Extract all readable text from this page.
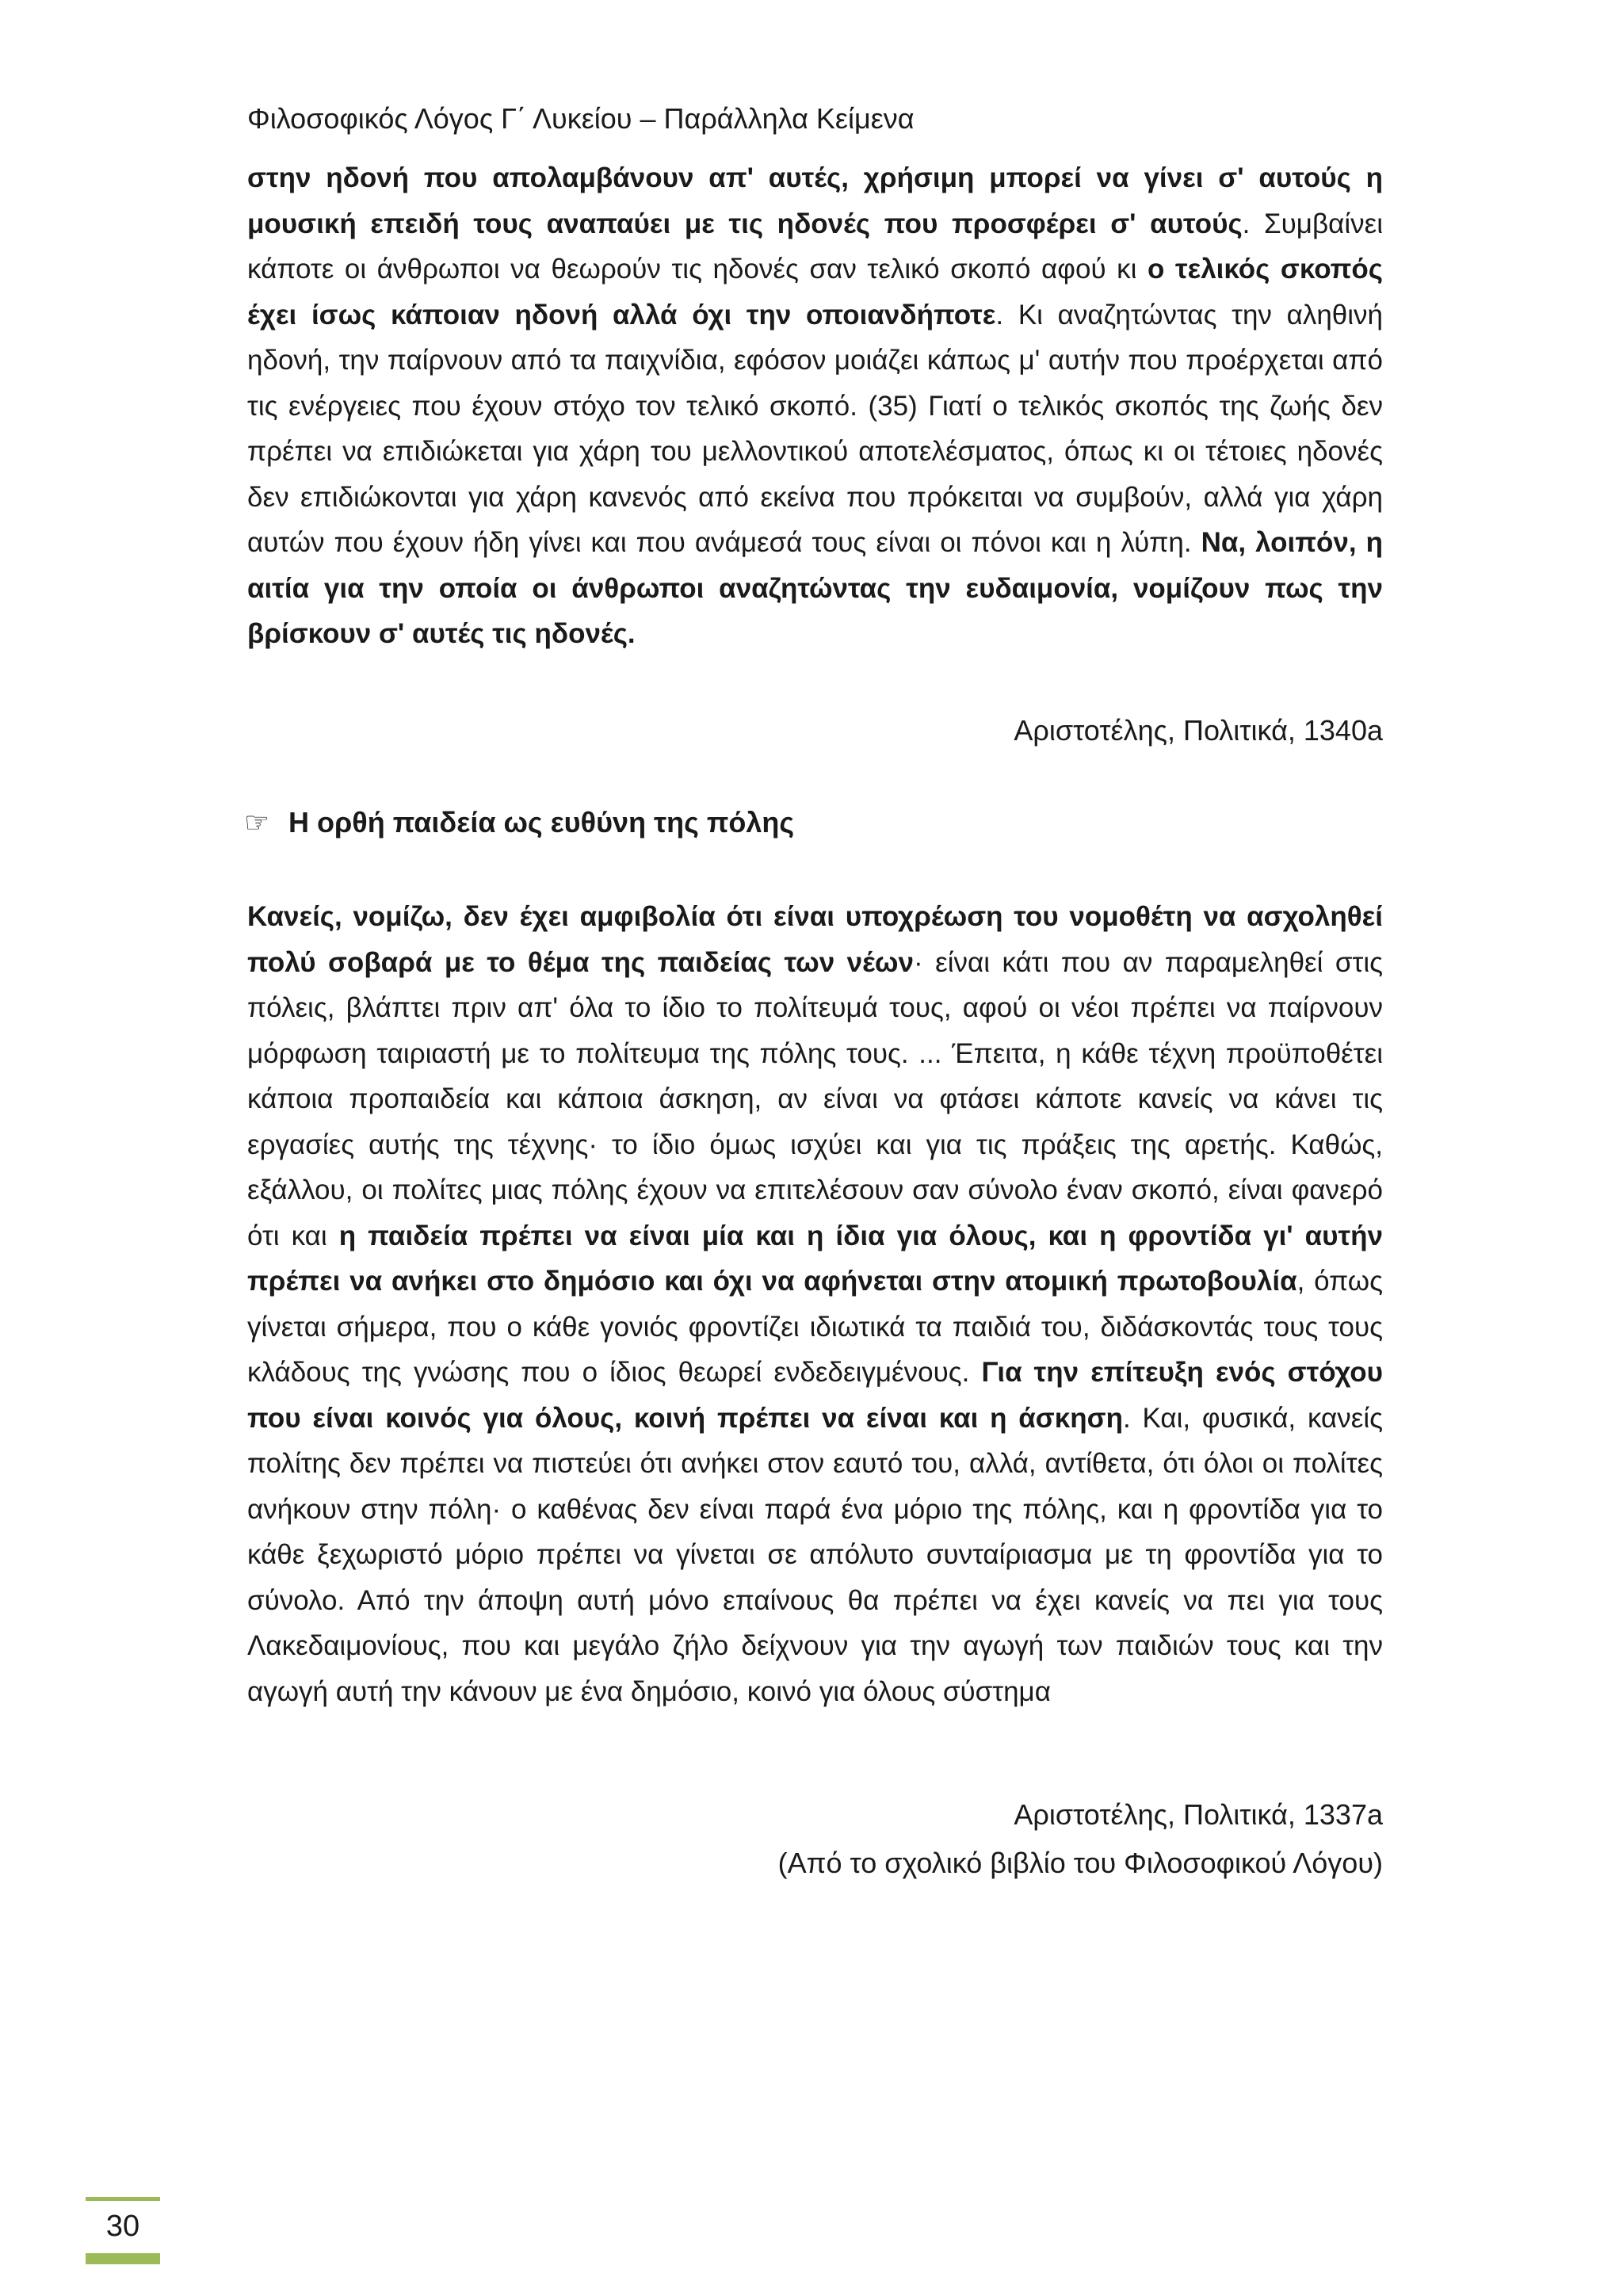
Φιλοσοφικός Λόγος Γ΄ Λυκείου – Παράλληλα Κείμενα

στην ηδονή που απολαμβάνουν απ' αυτές, χρήσιμη μπορεί να γίνει σ' αυτούς η μουσική επειδή τους αναπαύει με τις ηδονές που προσφέρει σ' αυτούς. Συμβαίνει κάποτε οι άνθρωποι να θεωρούν τις ηδονές σαν τελικό σκοπό αφού κι ο τελικός σκοπός έχει ίσως κάποιαν ηδονή αλλά όχι την οποιανδήποτε. Κι αναζητώντας την αληθινή ηδονή, την παίρνουν από τα παιχνίδια, εφόσον μοιάζει κάπως μ' αυτήν που προέρχεται από τις ενέργειες που έχουν στόχο τον τελικό σκοπό. (35) Γιατί ο τελικός σκοπός της ζωής δεν πρέπει να επιδιώκεται για χάρη του μελλοντικού αποτελέσματος, όπως κι οι τέτοιες ηδονές δεν επιδιώκονται για χάρη κανενός από εκείνα που πρόκειται να συμβούν, αλλά για χάρη αυτών που έχουν ήδη γίνει και που ανάμεσά τους είναι οι πόνοι και η λύπη. Να, λοιπόν, η αιτία για την οποία οι άνθρωποι αναζητώντας την ευδαιμονία, νομίζουν πως την βρίσκουν σ' αυτές τις ηδονές.

Αριστοτέλης, Πολιτικά, 1340a
☞ Η ορθή παιδεία ως ευθύνη της πόλης

Κανείς, νομίζω, δεν έχει αμφιβολία ότι είναι υποχρέωση του νομοθέτη να ασχοληθεί πολύ σοβαρά με το θέμα της παιδείας των νέων· είναι κάτι που αν παραμεληθεί στις πόλεις, βλάπτει πριν απ' όλα το ίδιο το πολίτευμά τους, αφού οι νέοι πρέπει να παίρνουν μόρφωση ταιριαστή με το πολίτευμα της πόλης τους. ... Έπειτα, η κάθε τέχνη προϋποθέτει κάποια προπαιδεία και κάποια άσκηση, αν είναι να φτάσει κάποτε κανείς να κάνει τις εργασίες αυτής της τέχνης· το ίδιο όμως ισχύει και για τις πράξεις της αρετής. Καθώς, εξάλλου, οι πολίτες μιας πόλης έχουν να επιτελέσουν σαν σύνολο έναν σκοπό, είναι φανερό ότι και η παιδεία πρέπει να είναι μία και η ίδια για όλους, και η φροντίδα γι' αυτήν πρέπει να ανήκει στο δημόσιο και όχι να αφήνεται στην ατομική πρωτοβουλία, όπως γίνεται σήμερα, που ο κάθε γονιός φροντίζει ιδιωτικά τα παιδιά του, διδάσκοντάς τους τους κλάδους της γνώσης που ο ίδιος θεωρεί ενδεδειγμένους. Για την επίτευξη ενός στόχου που είναι κοινός για όλους, κοινή πρέπει να είναι και η άσκηση. Και, φυσικά, κανείς πολίτης δεν πρέπει να πιστεύει ότι ανήκει στον εαυτό του, αλλά, αντίθετα, ότι όλοι οι πολίτες ανήκουν στην πόλη· ο καθένας δεν είναι παρά ένα μόριο της πόλης, και η φροντίδα για το κάθε ξεχωριστό μόριο πρέπει να γίνεται σε απόλυτο συνταίριασμα με τη φροντίδα για το σύνολο. Από την άποψη αυτή μόνο επαίνους θα πρέπει να έχει κανείς να πει για τους Λακεδαιμονίους, που και μεγάλο ζήλο δείχνουν για την αγωγή των παιδιών τους και την αγωγή αυτή την κάνουν με ένα δημόσιο, κοινό για όλους σύστημα

Αριστοτέλης, Πολιτικά, 1337a
(Από το σχολικό βιβλίο του Φιλοσοφικού Λόγου)
30
